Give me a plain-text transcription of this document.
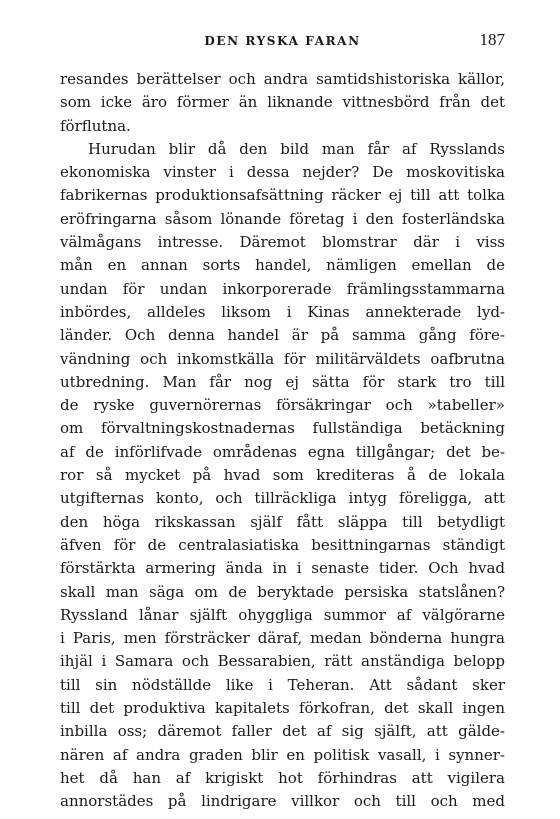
DEN RYSKA FARAN	187
resandes berättelser och andra samtidshistoriska källor,
som icke äro förmer än liknande vittnesbörd från det
förflutna.
Hurudan blir då den bild man får af Rysslands
ekonomiska vinster i dessa nejder? De moskovitiska
fabrikernas produktionsafsättning räcker ej till att tolka
eröfringarna såsom lönande företag i den fosterländska
välmågans intresse. Däremot blomstrar där i viss
mån en annan sorts handel, nämligen emellan de
undan för undan inkorporerade främlingsstammarna
inbördes, alldeles liksom i Kinas annekterade lyd-
länder. Och denna handel är på samma gång före-
vändning och inkomstkälla för militärväldets oafbrutna
utbredning. Man får nog ej sätta för stark tro till
de ryske guvernörernas försäkringar och »tabeller»
om förvaltningskostnadernas fullständiga betäckning
af de införlifvade områdenas egna tillgångar; det be-
ror så mycket på hvad som krediteras å de lokala
utgifternas konto, och tillräckliga intyg föreligga, att
den höga rikskassan själf fått släppa till betydligt
äfven för de centralasiatiska besittningarnas ständigt
förstärkta armering ända in i senaste tider. Och hvad
skall man säga om de beryktade persiska statslånen?
Ryssland lånar själft ohyggliga summor af välgörarne
i Paris, men försträcker däraf, medan bönderna hungra
ihjäl i Samara och Bessarabien, rätt anständiga belopp
till sin nödställde like i Teheran. Att sådant sker
till det produktiva kapitalets förkofran, det skall ingen
inbilla oss; däremot faller det af sig själft, att gälde-
nären af andra graden blir en politisk vasall, i synner-
het då han af krigiskt hot förhindras att vigilera
annorstädes på lindrigare villkor och till och med
